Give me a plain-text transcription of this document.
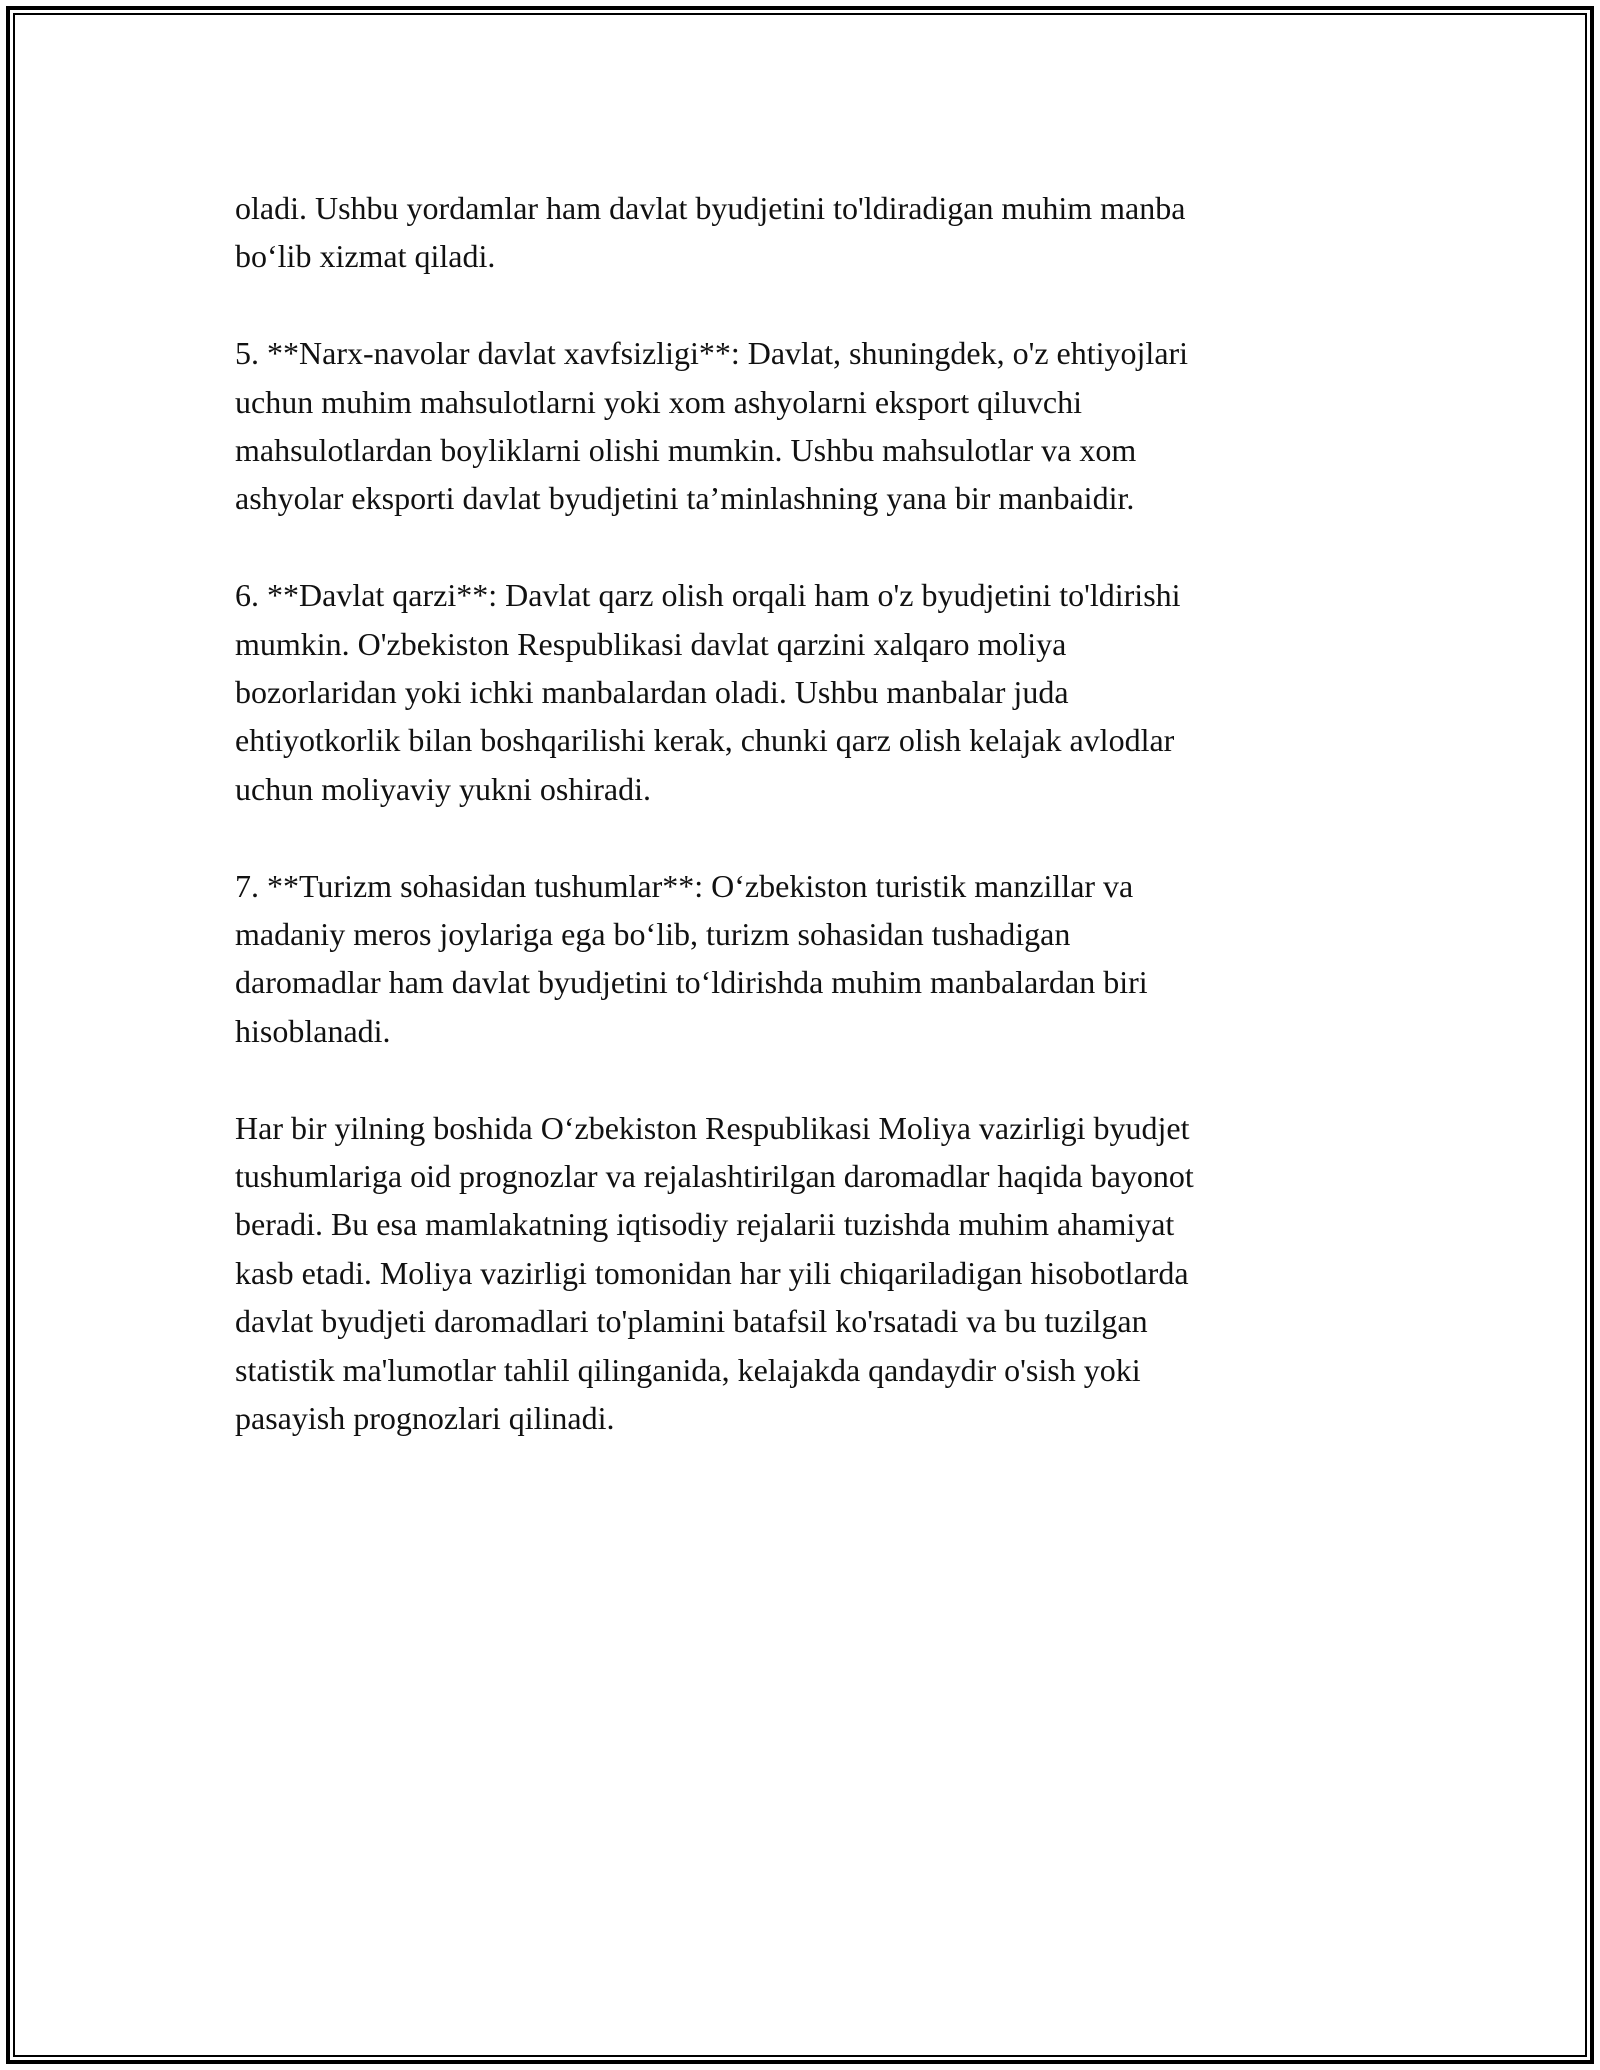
oladi. Ushbu yordamlar ham davlat byudjetini to'ldiradigan muhim manba
bo‘lib xizmat qiladi.

5. **Narx-navolar davlat xavfsizligi**: Davlat, shuningdek, o'z ehtiyojlari
uchun muhim mahsulotlarni yoki xom ashyolarni eksport qiluvchi
mahsulotlardan boyliklarni olishi mumkin. Ushbu mahsulotlar va xom
ashyolar eksporti davlat byudjetini ta’minlashning yana bir manbaidir.

6. **Davlat qarzi**: Davlat qarz olish orqali ham o'z byudjetini to'ldirishi
mumkin. O'zbekiston Respublikasi davlat qarzini xalqaro moliya
bozorlaridan yoki ichki manbalardan oladi. Ushbu manbalar juda
ehtiyotkorlik bilan boshqarilishi kerak, chunki qarz olish kelajak avlodlar
uchun moliyaviy yukni oshiradi.

7. **Turizm sohasidan tushumlar**: O‘zbekiston turistik manzillar va
madaniy meros joylariga ega bo‘lib, turizm sohasidan tushadigan
daromadlar ham davlat byudjetini to‘ldirishda muhim manbalardan biri
hisoblanadi.

Har bir yilning boshida O‘zbekiston Respublikasi Moliya vazirligi byudjet
tushumlariga oid prognozlar va rejalashtirilgan daromadlar haqida bayonot
beradi. Bu esa mamlakatning iqtisodiy rejalarii tuzishda muhim ahamiyat
kasb etadi. Moliya vazirligi tomonidan har yili chiqariladigan hisobotlarda
davlat byudjeti daromadlari to'plamini batafsil ko'rsatadi va bu tuzilgan
statistik ma'lumotlar tahlil qilinganida, kelajakda qandaydir o'sish yoki
pasayish prognozlari qilinadi.
